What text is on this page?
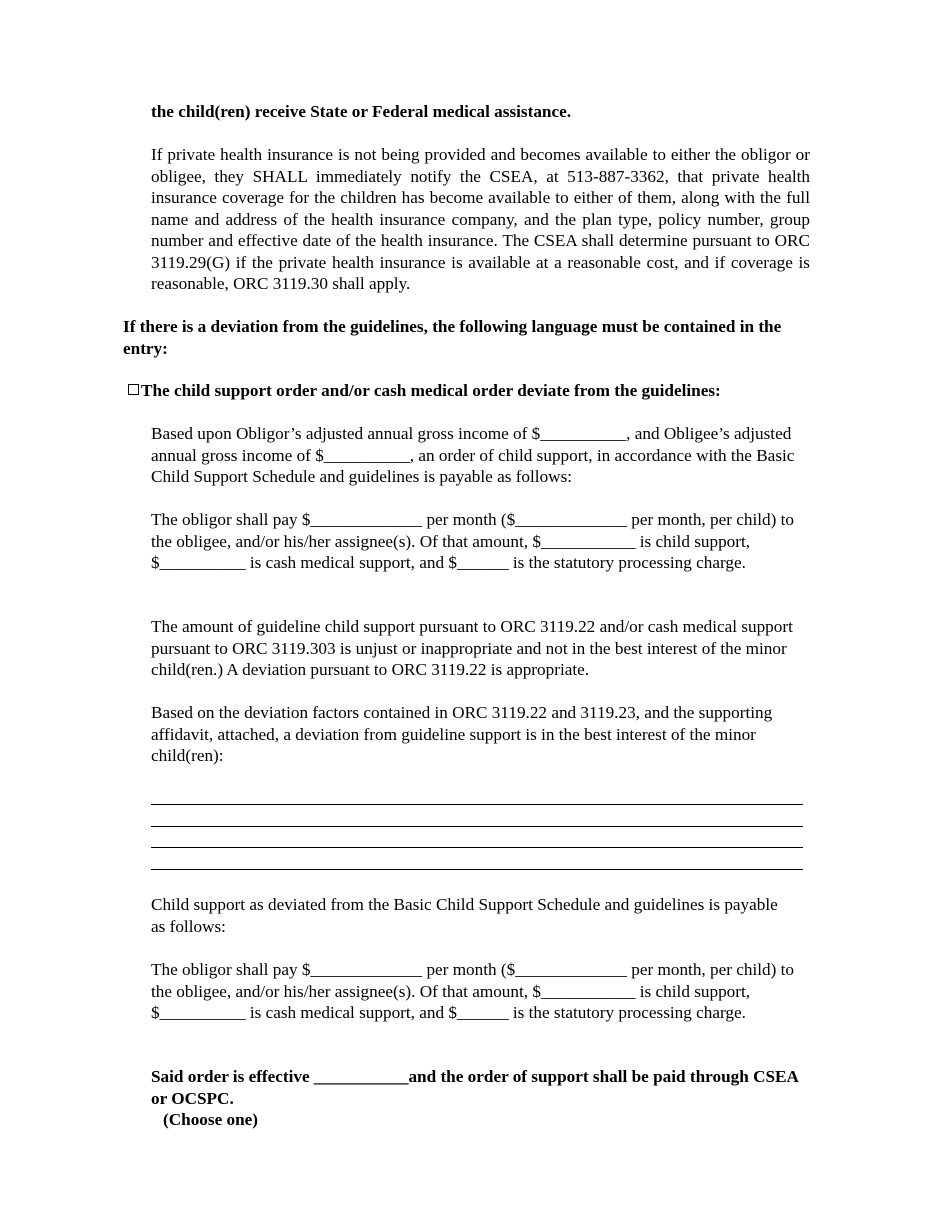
the child(ren) receive State or Federal medical assistance.

If private health insurance is not being provided and becomes available to either the obligor or obligee, they SHALL immediately notify the CSEA, at 513-887-3362, that private health insurance coverage for the children has become available to either of them, along with the full name and address of the health insurance company, and the plan type, policy number, group number and effective date of the health insurance. The CSEA shall determine pursuant to ORC 3119.29(G) if the private health insurance is available at a reasonable cost, and if coverage is reasonable, ORC 3119.30 shall apply.

If there is a deviation from the guidelines, the following language must be contained in the entry:

The child support order and/or cash medical order deviate from the guidelines:

Based upon Obligor’s adjusted annual gross income of $__________, and Obligee’s adjusted annual gross income of $__________, an order of child support, in accordance with the Basic Child Support Schedule and guidelines is payable as follows:

The obligor shall pay $_____________ per month ($_____________ per month, per child) to the obligee, and/or his/her assignee(s). Of that amount, $___________ is child support, $__________ is cash medical support, and $______ is the statutory processing charge.

The amount of guideline child support pursuant to ORC 3119.22 and/or cash medical support pursuant to ORC 3119.303 is unjust or inappropriate and not in the best interest of the minor child(ren.) A deviation pursuant to ORC 3119.22 is appropriate.

Based on the deviation factors contained in ORC 3119.22 and 3119.23, and the supporting affidavit, attached, a deviation from guideline support is in the best interest of the minor child(ren):

Child support as deviated from the Basic Child Support Schedule and guidelines is payable as follows:

The obligor shall pay $_____________ per month ($_____________ per month, per child) to the obligee, and/or his/her assignee(s). Of that amount, $___________ is child support, $__________ is cash medical support, and $______ is the statutory processing charge.

Said order is effective ___________and the order of support shall be paid through CSEA or OCSPC.

(Choose one)
